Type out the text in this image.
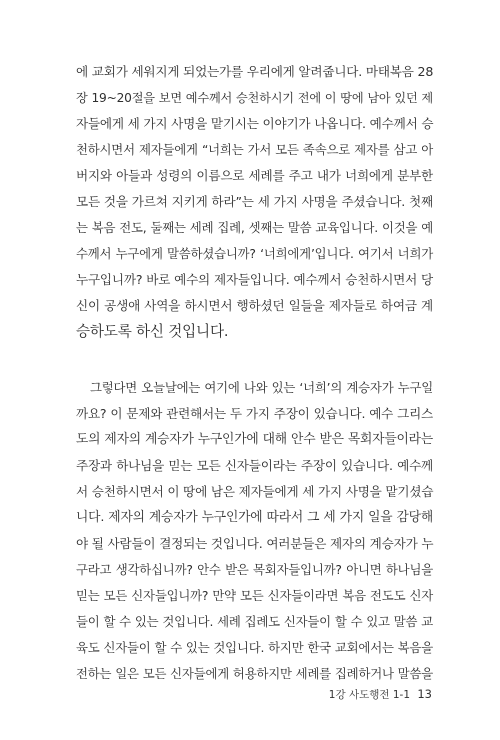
에 교회가 세워지게 되었는가를 우리에게 알려줍니다. 마태복음 28
장 19~20절을 보면 예수께서 승천하시기 전에 이 땅에 남아 있던 제
자들에게 세 가지 사명을 맡기시는 이야기가 나옵니다. 예수께서 승
천하시면서 제자들에게 “너희는 가서 모든 족속으로 제자를 삼고 아
버지와 아들과 성령의 이름으로 세례를 주고 내가 너희에게 분부한
모든 것을 가르쳐 지키게 하라”는 세 가지 사명을 주셨습니다. 첫째
는 복음 전도, 둘째는 세례 집례, 셋째는 말씀 교육입니다. 이것을 예
수께서 누구에게 말씀하셨습니까? ‘너희에게’입니다. 여기서 너희가
누구입니까? 바로 예수의 제자들입니다. 예수께서 승천하시면서 당
신이 공생애 사역을 하시면서 행하셨던 일들을 제자들로 하여금 계
승하도록 하신 것입니다.
그렇다면 오늘날에는 여기에 나와 있는 ‘너희’의 계승자가 누구일
까요? 이 문제와 관련해서는 두 가지 주장이 있습니다. 예수 그리스
도의 제자의 계승자가 누구인가에 대해 안수 받은 목회자들이라는
주장과 하나님을 믿는 모든 신자들이라는 주장이 있습니다. 예수께
서 승천하시면서 이 땅에 남은 제자들에게 세 가지 사명을 맡기셨습
니다. 제자의 계승자가 누구인가에 따라서 그 세 가지 일을 감당해
야 될 사람들이 결정되는 것입니다. 여러분들은 제자의 계승자가 누
구라고 생각하십니까? 안수 받은 목회자들입니까? 아니면 하나님을
믿는 모든 신자들입니까? 만약 모든 신자들이라면 복음 전도도 신자
들이 할 수 있는 것입니다. 세례 집례도 신자들이 할 수 있고 말씀 교
육도 신자들이 할 수 있는 것입니다. 하지만 한국 교회에서는 복음을
전하는 일은 모든 신자들에게 허용하지만 세례를 집례하거나 말씀을
1강 사도행전 1-1 13
